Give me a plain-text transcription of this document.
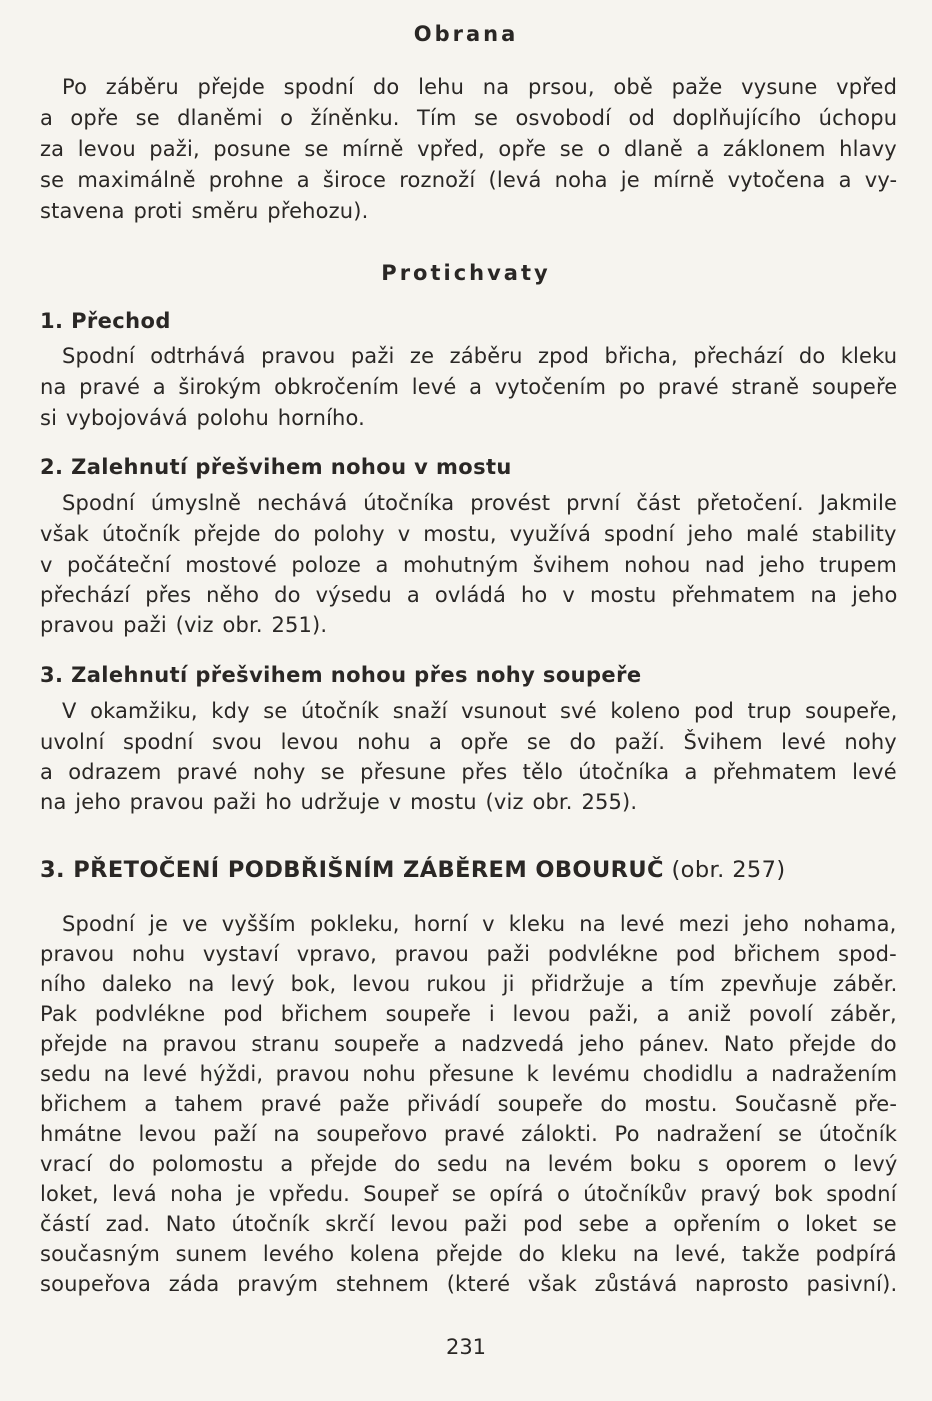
Obrana
Po záběru přejde spodní do lehu na prsou, obě paže vysune vpřed
a opře se dlaněmi o žíněnku. Tím se osvobodí od doplňujícího úchopu
za levou paži, posune se mírně vpřed, opře se o dlaně a záklonem hlavy
se maximálně prohne a široce roznoží (levá noha je mírně vytočena a vy-
stavena proti směru přehozu).
Protichvaty
1. Přechod
Spodní odtrhává pravou paži ze záběru zpod břicha, přechází do kleku
na pravé a širokým obkročením levé a vytočením po pravé straně soupeře
si vybojovává polohu horního.
2. Zalehnutí přešvihem nohou v mostu
Spodní úmyslně nechává útočníka provést první část přetočení. Jakmile
však útočník přejde do polohy v mostu, využívá spodní jeho malé stability
v počáteční mostové poloze a mohutným švihem nohou nad jeho trupem
přechází přes něho do výsedu a ovládá ho v mostu přehmatem na jeho
pravou paži (viz obr. 251).
3. Zalehnutí přešvihem nohou přes nohy soupeře
V okamžiku, kdy se útočník snaží vsunout své koleno pod trup soupeře,
uvolní spodní svou levou nohu a opře se do paží. Švihem levé nohy
a odrazem pravé nohy se přesune přes tělo útočníka a přehmatem levé
na jeho pravou paži ho udržuje v mostu (viz obr. 255).
3. PŘETOČENÍ PODBŘIŠNÍM ZÁBĚREM OBOURUČ (obr. 257)
Spodní je ve vyšším pokleku, horní v kleku na levé mezi jeho nohama,
pravou nohu vystaví vpravo, pravou paži podvlékne pod břichem spod-
ního daleko na levý bok, levou rukou ji přidržuje a tím zpevňuje záběr.
Pak podvlékne pod břichem soupeře i levou paži, a aniž povolí záběr,
přejde na pravou stranu soupeře a nadzvedá jeho pánev. Nato přejde do
sedu na levé hýždi, pravou nohu přesune k levému chodidlu a nadražením
břichem a tahem pravé paže přivádí soupeře do mostu. Současně pře-
hmátne levou paží na soupeřovo pravé zálokti. Po nadražení se útočník
vrací do polomostu a přejde do sedu na levém boku s oporem o levý
loket, levá noha je vpředu. Soupeř se opírá o útočníkův pravý bok spodní
částí zad. Nato útočník skrčí levou paži pod sebe a opřením o loket se
současným sunem levého kolena přejde do kleku na levé, takže podpírá
soupeřova záda pravým stehnem (které však zůstává naprosto pasivní).
231
